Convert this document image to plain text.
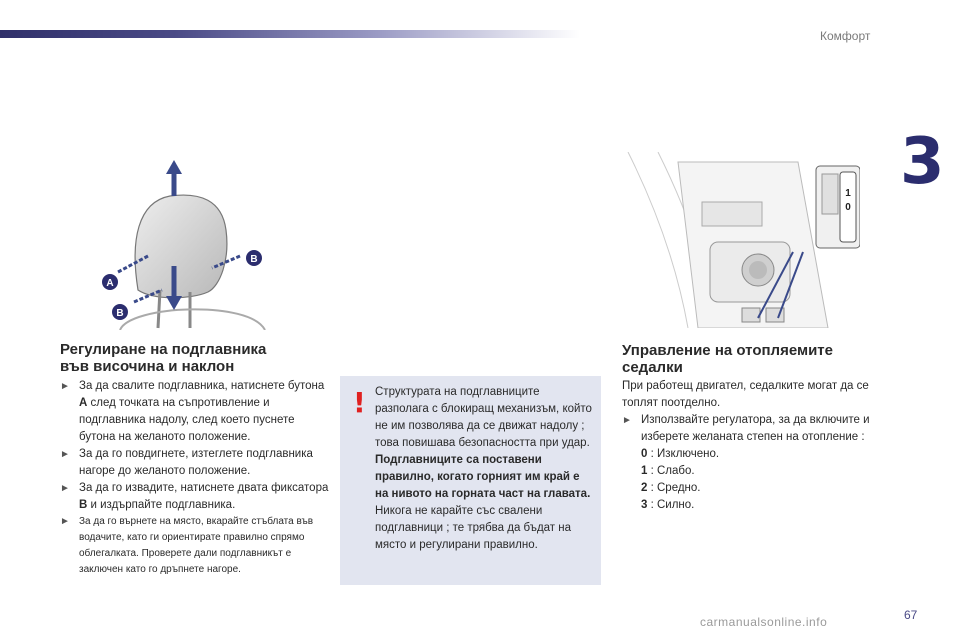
Комфорт
3
carmanualsonline.info	67
A
B
B
1
0
Регулиране на подглавника
във височина и наклон
► За да свалите подглавника, натиснете бутона A след точката на съпротивление и подглавника надолу, след което пуснете бутона на желаното положение.
► За да го повдигнете, изтеглете подглавника нагоре до желаното положение.
► За да го извадите, натиснете двата фиксатора B и издърпайте подглавника.
► За да го върнете на място, вкарайте стъблата във водачите, като ги ориентирате правилно спрямо облегалката. Проверете дали подглавникът е заключен като го дръпнете нагоре.
! Структурата на подглавниците разполага с блокиращ механизъм, който не им позволява да се движат надолу ; това повишава безопасността при удар.

Подглавниците са поставени правилно, когато горният им край е на нивото на горната част на главата.

Никога не карайте със свалени подглавници ; те трябва да бъдат на място и регулирани правилно.

Управление на отопляемите
седалки

При работещ двигател, седалките могат да се топлят поотделно.

► Използвайте регулатора, за да включите и изберете желаната степен на отопление :
0 : Изключено.
1 : Слабо.
2 : Средно.
3 : Силно.
